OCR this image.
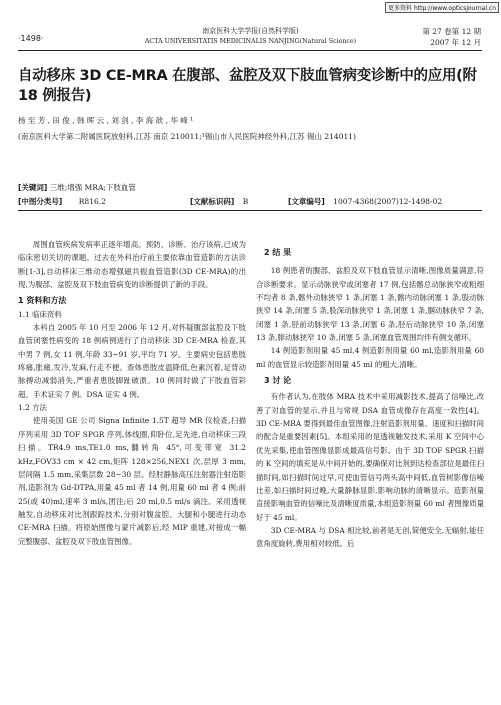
更多资料 http://www.opticsjournal.cn
·1498·
南京医科大学学报(自然科学版)
ACTA UNIVERSITATIS MEDICINALIS NANJING(Natural Science)
第 27 卷第 12 期
2007 年 12 月
自动移床 3D CE-MRA 在腹部、盆腔及双下肢血管病变诊断中的应用(附
18 例报告)
杨 至 芳 , 田 俊 , 韩 晖 云 , 刘 剑 , 李 海 歆 , 华 峰 ¹
(南京医科大学第二附属医院放射科,江苏 南京 210011;¹锡山市人民医院神经外科,江苏 锡山 214011)
[关键词] 三维;增强 MRA;下肢血管
[中图分类号] R816.2	[文献标识码] B	[文章编号] 1007-4368(2007)12-1498-02

周围血管疾病发病率正逐年增高。预防、诊断、治疗该病,已成为临床密切关切的课题。过去在外科治疗前主要依靠血管造影的方法诊断[1-3],自动移床三维动态增强磁共振血管造影(3D CE-MRA)的出现,为腹部、盆腔及双下肢血管病变的诊断提供了新的手段。

1 资料和方法
1.1 临床资料

本科自 2005 年 10 月至 2006 年 12 月,对怀疑腹部盆腔及下肢血管闭塞性病变的 18 例病例进行了自动移床 3D CE-MRA 检查,其中男 7 例,女 11 例,年龄 33~91 岁,平均 71 岁。主要病史包括患肢疼痛,胀痛,发冷,发麻,行走不便。查体患肢皮温降低,色素沉着,足背动脉搏动减弱消失,严重者患肢脚趾破溃。10 例同时做了下肢血管彩超。手术证实 7 例。DSA 证实 4 例。

1.2 方法

使用美国 GE 公司 Signa Infinite 1.5T 超导 MR 仪检查,扫描序列采用 3D TOF SPGR 序列,体线圈,仰卧位,足先进,自动移床三段扫描。TR4.9 ms,TE1.0 ms,翻转角 45°,可变带宽 31.2 kHz,FOV33 cm × 42 cm,矩阵 128×256,NEX1 次,层厚 3 mm,层间隔 1.5 mm,采集层数 28~30 层。经肘静脉高压注射器注射造影剂,造影剂为 Gd-DTPA,用量 45 ml 者 14 例,用量 60 ml 者 4 例;前 25(或 40)ml,速率 3 ml/s,团注;后 20 ml,0.5 ml/s 滴注。采用透视触发,自动移床对比剂跟踪技术,分别对腹盆腔、大腿和小腿进行动态 CE-MRA 扫描。将原始图像与蒙片减影后,经 MIP 重建,对接成一幅完整腹部、盆腔及双下肢血管图像。

2 结 果

18 例患者的腹部、盆腔及双下肢血管显示清晰,图像质量满意,符合诊断要求。显示动脉狭窄或闭塞者 17 例,包括髂总动脉狭窄或粗细不均者 8 条,髂外动脉狭窄 1 条,闭塞 1 条,髂内动脉闭塞 1 条,股动脉狭窄 14 条,闭塞 5 条,股深动脉狭窄 1 条,闭塞 1 条,腘动脉狭窄 7 条,闭塞 1 条,胫前动脉狭窄 13 条,闭塞 6 条,胫后动脉狭窄 10 条,闭塞 13 条,腓动脉狭窄 10 条,闭塞 5 条,闭塞血管周围均伴有侧支循环。

14 例造影剂用量 45 ml,4 例造影剂用量 60 ml,造影剂用量 60 ml 的血管显示较造影剂用量 45 ml 的粗大,清晰。

3 讨 论

有作者认为,在肢体 MRA 技术中采用减影技术,提高了信噪比,改善了对血管的显示,并且与常规 DSA 血管成像存在高度一致性[4]。3D CE-MRA 要得到最佳血管图像,注射造影剂用量、速度和扫描时间的配合是重要因素[5]。本组采用的是透视触发技术,采用 K 空间中心优先采集,使血管图像显影成最高信号影。由于 3D TOF SPGR 扫描的 K 空间的填充是从中间开始的,要确保对比剂到达检查部位是最佳扫描时间,如扫描时间过早,可使血管信号两头高中间低,血管树影像信噪比差,如扫描时间过晚,大量静脉显影,影响动脉的清晰显示。造影剂量直接影响血管的信噪比及清晰度质量,本组造影剂量 60 ml 者图像质量好于 45 ml。

3D CE-MRA 与 DSA 相比较,前者是无创,简便安全,无辐射,能任意角度旋转,费用相对较低。后
